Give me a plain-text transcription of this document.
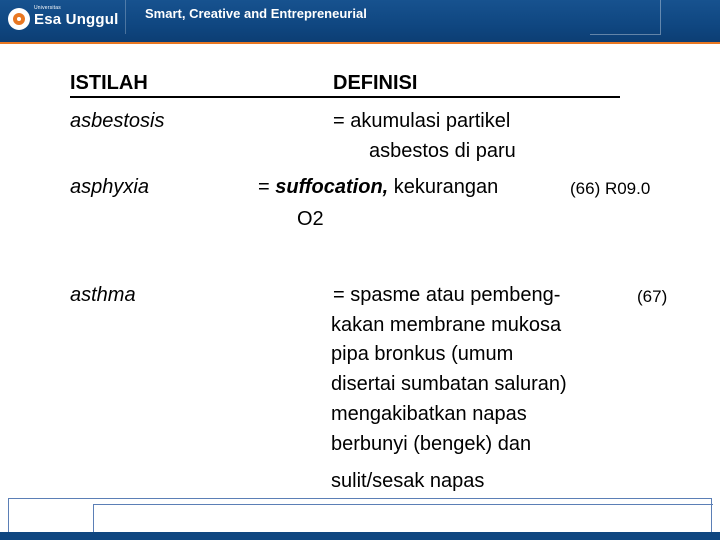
Universitas
Esa Unggul Smart, Creative and Entrepreneurial
ISTILAH	DEFINISI
asbestosis	= akumulasi partikel
asbestos di paru
asphyxia	= suffocation, kekurangan	(66) R09.0
O2
asthma	= spasme atau pembeng-	(67)
kakan membrane mukosa
pipa bronkus (umum
disertai sumbatan saluran)
mengakibatkan napas
berbunyi (bengek) dan
sulit/sesak napas
